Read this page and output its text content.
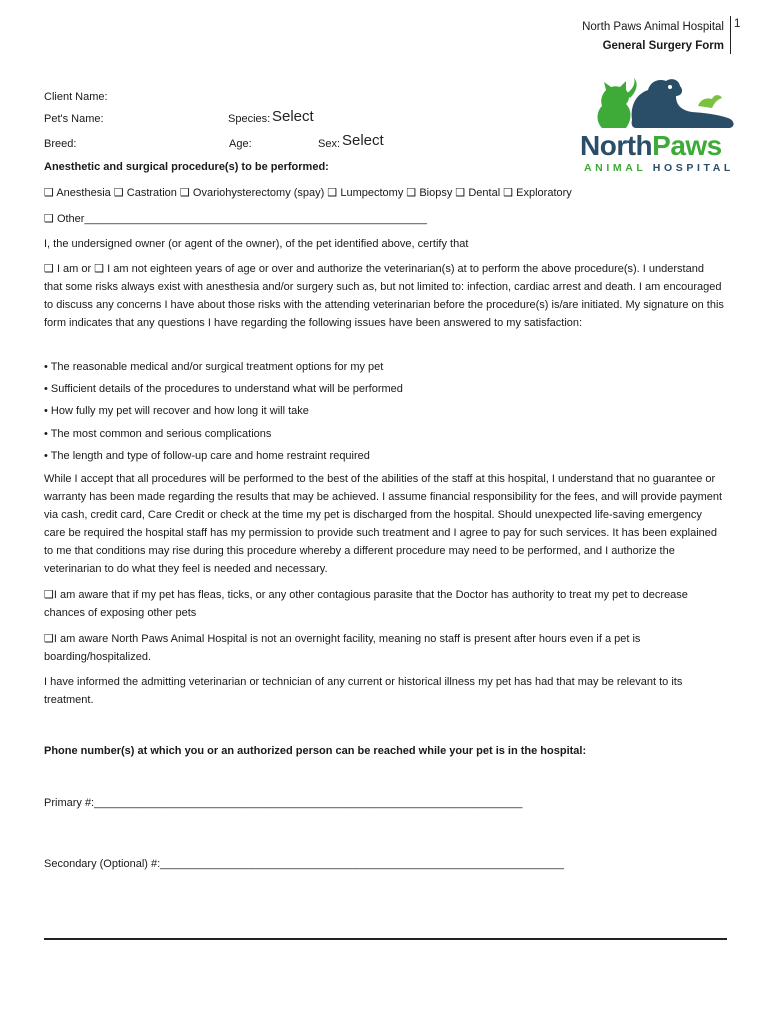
North Paws Animal Hospital
General Surgery Form
1
NorthPaws
ANIMAL HOSPITAL
Client Name:
Pet's Name:	Species: Select
Breed:	Age:	Sex: Select
Anesthetic and surgical procedure(s) to be performed:
❑ Anesthesia ❑ Castration ❑ Ovariohysterectomy (spay) ❑ Lumpectomy ❑ Biopsy ❑ Dental ❑ Exploratory
❑ Other________________________________________________________
I, the undersigned owner (or agent of the owner), of the pet identified above, certify that
❑ I am or ❑ I am not eighteen years of age or over and authorize the veterinarian(s) at to perform the above procedure(s). I understand that some risks always exist with anesthesia and/or surgery such as, but not limited to: infection, cardiac arrest and death. I am encouraged to discuss any concerns I have about those risks with the attending veterinarian before the procedure(s) is/are initiated. My signature on this form indicates that any questions I have regarding the following issues have been answered to my satisfaction:
• The reasonable medical and/or surgical treatment options for my pet
• Sufficient details of the procedures to understand what will be performed
• How fully my pet will recover and how long it will take
• The most common and serious complications
• The length and type of follow-up care and home restraint required
While I accept that all procedures will be performed to the best of the abilities of the staff at this hospital, I understand that no guarantee or warranty has been made regarding the results that may be achieved. I assume financial responsibility for the fees, and will provide payment via cash, credit card, Care Credit or check at the time my pet is discharged from the hospital. Should unexpected life-saving emergency care be required the hospital staff has my permission to provide such treatment and I agree to pay for such services. It has been explained to me that conditions may rise during this procedure whereby a different procedure may need to be performed, and I authorize the veterinarian to do what they feel is needed and necessary.
❑I am aware that if my pet has fleas, ticks, or any other contagious parasite that the Doctor has authority to treat my pet to decrease chances of exposing other pets
❑I am aware North Paws Animal Hospital is not an overnight facility, meaning no staff is present after hours even if a pet is boarding/hospitalized.
I have informed the admitting veterinarian or technician of any current or historical illness my pet has had that may be relevant to its treatment.
Phone number(s) at which you or an authorized person can be reached while your pet is in the hospital:
Primary #:______________________________________________________________________
Secondary (Optional) #:__________________________________________________________________
